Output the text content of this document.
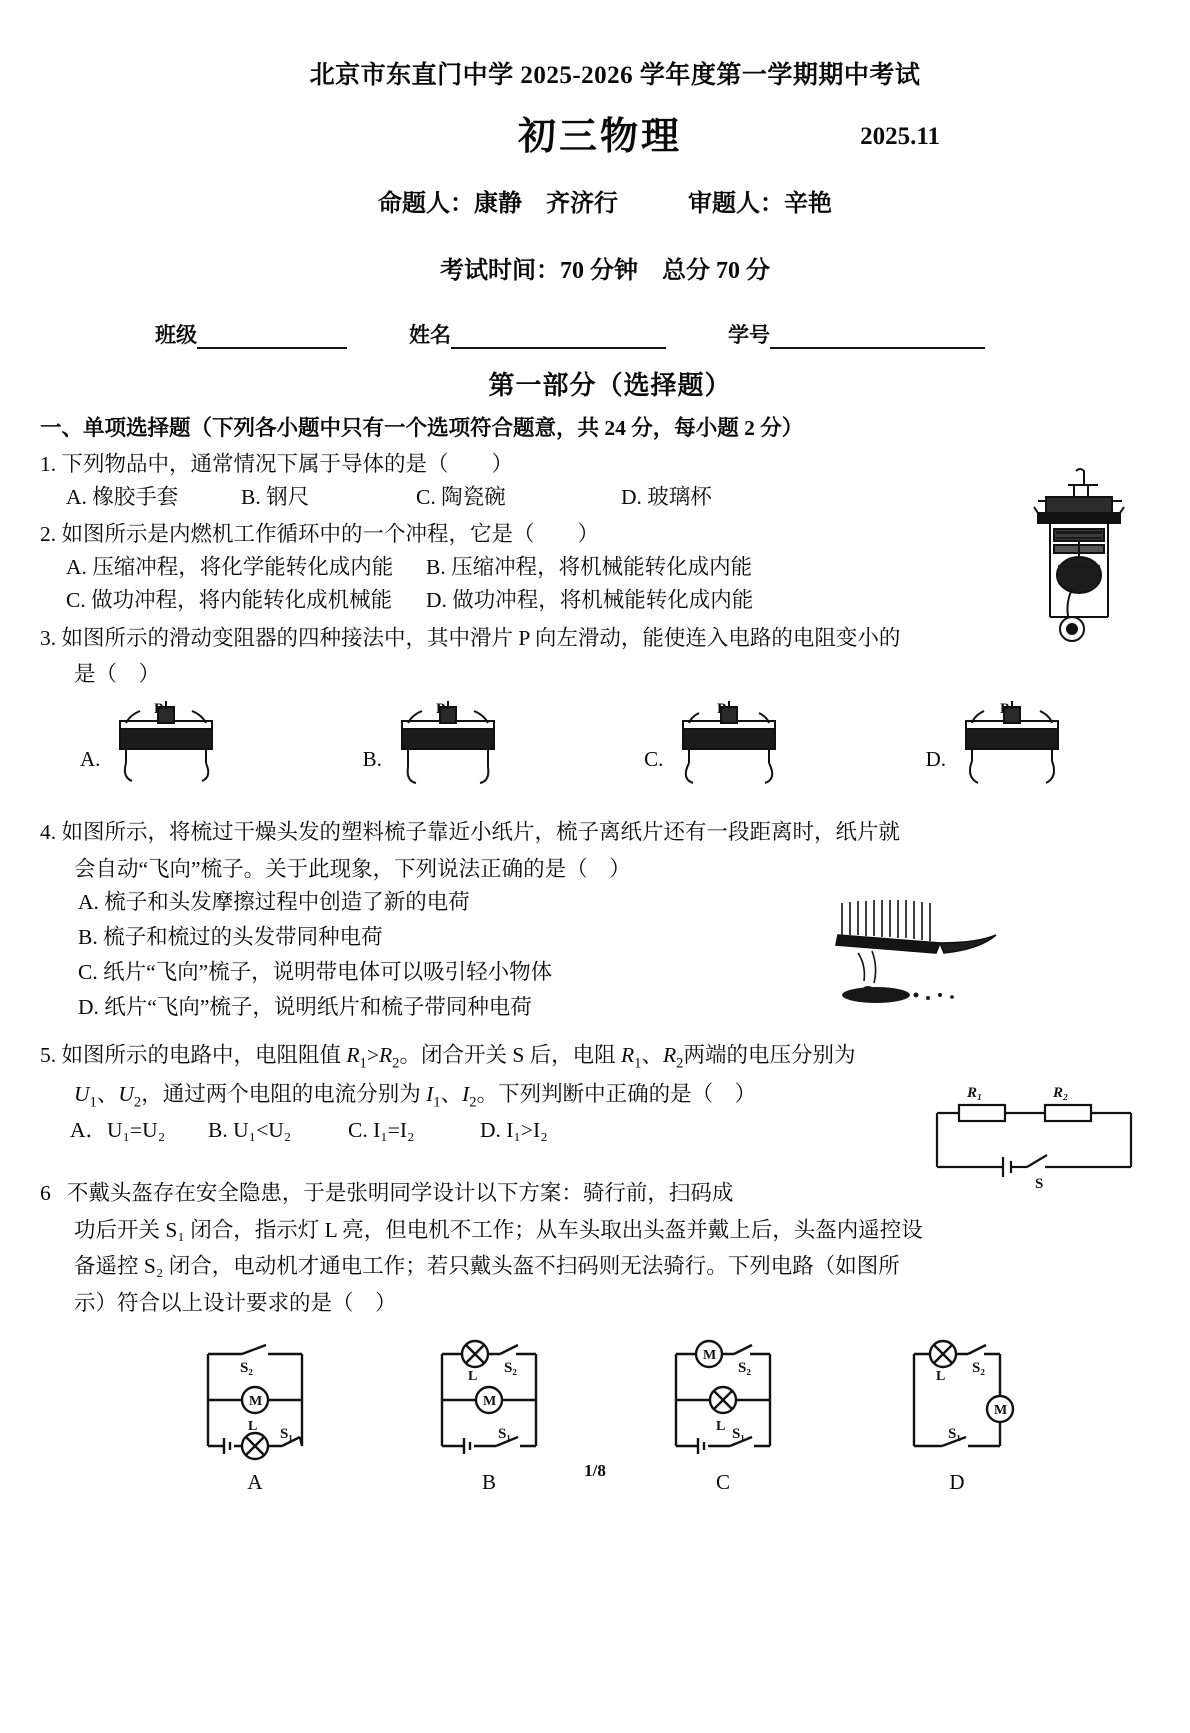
北京市东直门中学 2025-2026 学年度第一学期期中考试
初三物理	2025.11
命题人：康静　齐济行	审题人：辛艳
考试时间：70 分钟　总分 70 分
班级	姓名	学号
第一部分（选择题）
一、单项选择题（下列各小题中只有一个选项符合题意，共 24 分，每小题 2 分）
1. 下列物品中，通常情况下属于导体的是（　　）
A. 橡胶手套	B. 钢尺	C. 陶瓷碗	D. 玻璃杯
2. 如图所示是内燃机工作循环中的一个冲程，它是（　　）
A. 压缩冲程，将化学能转化成内能	B. 压缩冲程，将机械能转化成内能
C. 做功冲程，将内能转化成机械能	D. 做功冲程，将机械能转化成内能
3. 如图所示的滑动变阻器的四种接法中，其中滑片 P 向左滑动，能使连入电路的电阻变小的
是（　）
A.
P
B.
P
C.
P
D.
P
4. 如图所示，将梳过干燥头发的塑料梳子靠近小纸片，梳子离纸片还有一段距离时，纸片就
会自动“飞向”梳子。关于此现象，下列说法正确的是（　）
A. 梳子和头发摩擦过程中创造了新的电荷
B. 梳子和梳过的头发带同种电荷
C. 纸片“飞向”梳子，说明带电体可以吸引轻小物体
D. 纸片“飞向”梳子，说明纸片和梳子带同种电荷
5. 如图所示的电路中，电阻阻值 $R_1>R_2$。闭合开关 S 后，电阻 $R_1$、$R_2$两端的电压分别为
$U_1$、$U_2$，通过两个电阻的电流分别为 $I_1$、$I_2$。下列判断中正确的是（　）
A．U₁=U₂	B. U₁<U₂	C. I₁=I₂	D. I₁>I₂
6 不戴头盔存在安全隐患，于是张明同学设计以下方案：骑行前，扫码成
功后开关 S₁ 闭合，指示灯 L 亮，但电机不工作；从车头取出头盔并戴上后，头盔内遥控设
备遥控 S₂ 闭合，电动机才通电工作；若只戴头盔不扫码则无法骑行。下列电路（如图所
示）符合以上设计要求的是（　）
S₂
M
L S₁
A
L
S₂
M
S₁
B
M
S₂
L S₁
C
L
S₂
M
S₁
D
R₁	R₂
S
1/8
